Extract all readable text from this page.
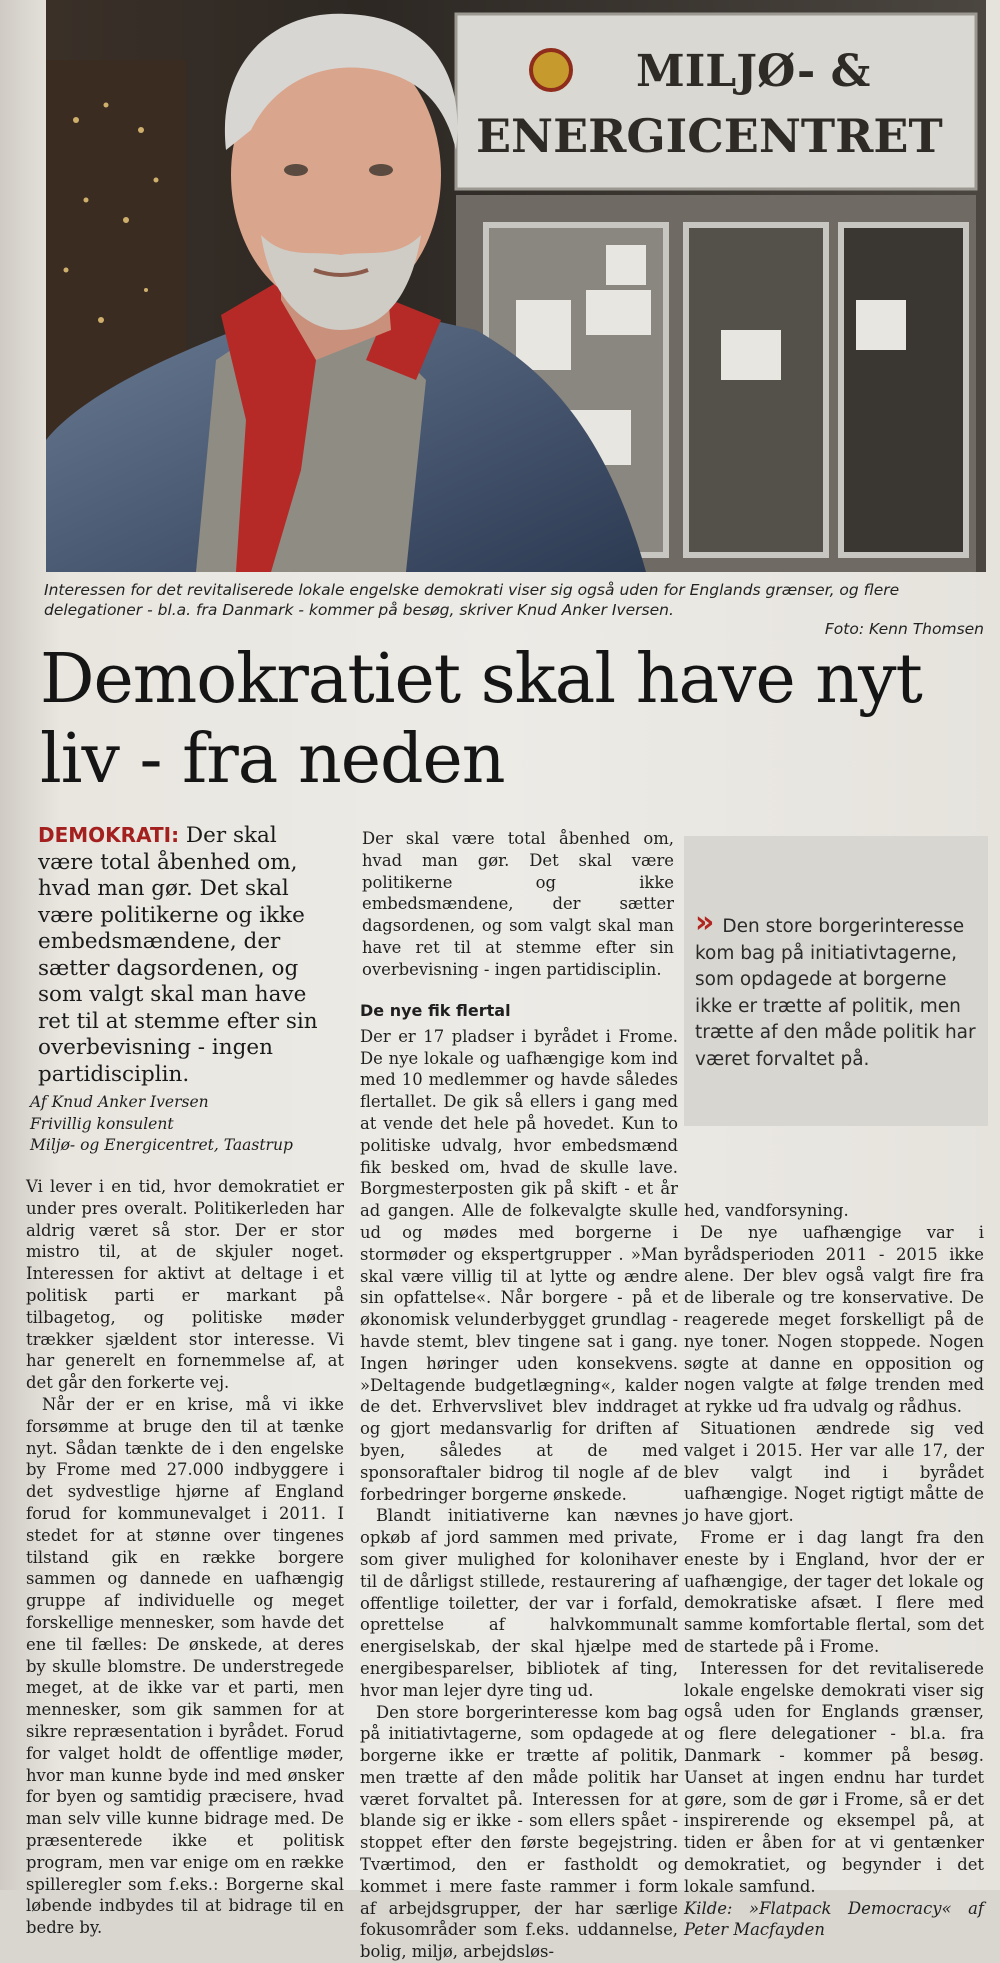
MILJØ- &
ENERGICENTRET
Interessen for det revitaliserede lokale engelske demokrati viser sig også uden for Englands grænser, og flere delegationer - bl.a. fra Danmark - kommer på besøg, skriver Knud Anker Iversen.
Foto: Kenn Thomsen
Demokratiet skal have nyt liv - fra neden
DEMOKRATI: Der skal være total åbenhed om, hvad man gør. Det skal være politikerne og ikke embedsmændene, der sætter dagsordenen, og som valgt skal man have ret til at stemme efter sin overbevisning - ingen partidisciplin.
Af Knud Anker Iversen
Frivillig konsulent
Miljø- og Energicentret, Taastrup

Vi lever i en tid, hvor demokratiet er under pres overalt. Politikerleden har aldrig været så stor. Der er stor mistro til, at de skjuler noget. Interessen for aktivt at deltage i et politisk parti er markant på tilbagetog, og politiske møder trækker sjældent stor interesse. Vi har generelt en fornemmelse af, at det går den forkerte vej.

Når der er en krise, må vi ikke forsømme at bruge den til at tænke nyt. Sådan tænkte de i den engelske by Frome med 27.000 indbyggere i det sydvestlige hjørne af England forud for kommunevalget i 2011. I stedet for at stønne over tingenes tilstand gik en række borgere sammen og dannede en uafhængig gruppe af individuelle og meget forskellige mennesker, som havde det ene til fælles: De ønskede, at deres by skulle blomstre. De understregede meget, at de ikke var et parti, men mennesker, som gik sammen for at sikre repræsentation i byrådet. Forud for valget holdt de offentlige møder, hvor man kunne byde ind med ønsker for byen og samtidig præcisere, hvad man selv ville kunne bidrage med. De præsenterede ikke et politisk program, men var enige om en række spilleregler som f.eks.: Borgerne skal løbende indbydes til at bidrage til en bedre by.

Der skal være total åbenhed om, hvad man gør. Det skal være politikerne og ikke embedsmændene, der sætter dagsordenen, og som valgt skal man have ret til at stemme efter sin overbevisning - ingen partidisciplin.

De nye fik flertal

Der er 17 pladser i byrådet i Frome. De nye lokale og uafhængige kom ind med 10 medlemmer og havde således flertallet. De gik så ellers i gang med at vende det hele på hovedet. Kun to politiske udvalg, hvor embedsmænd fik besked om, hvad de skulle lave. Borgmesterposten gik på skift - et år ad gangen. Alle de folkevalgte skulle ud og mødes med borgerne i stormøder og ekspertgrupper . »Man skal være villig til at lytte og ændre sin opfattelse«. Når borgere - på et økonomisk velunderbygget grundlag - havde stemt, blev tingene sat i gang. Ingen høringer uden konsekvens. »Deltagende budgetlægning«, kalder de det. Erhvervslivet blev inddraget og gjort medansvarlig for driften af byen, således at de med sponsoraftaler bidrog til nogle af de forbedringer borgerne ønskede.

Blandt initiativerne kan nævnes opkøb af jord sammen med private, som giver mulighed for kolonihaver til de dårligst stillede, restaurering af offentlige toiletter, der var i forfald, oprettelse af halvkommunalt energiselskab, der skal hjælpe med energibesparelser, bibliotek af ting, hvor man lejer dyre ting ud.

Den store borgerinteresse kom bag på initiativtagerne, som opdagede at borgerne ikke er trætte af politik, men trætte af den måde politik har været forvaltet på. Interessen for at blande sig er ikke - som ellers spået - stoppet efter den første begejstring. Tværtimod, den er fastholdt og kommet i mere faste rammer i form af arbejdsgrupper, der har særlige fokusområder som f.eks. uddannelse, bolig, miljø, arbejdsløs-

» Den store borgerinteresse kom bag på initiativtagerne, som opdagede at borgerne ikke er trætte af politik, men trætte af den måde politik har været forvaltet på.

hed, vandforsyning.

De nye uafhængige var i byrådsperioden 2011 - 2015 ikke alene. Der blev også valgt fire fra de liberale og tre konservative. De reagerede meget forskelligt på de nye toner. Nogen stoppede. Nogen søgte at danne en opposition og nogen valgte at følge trenden med at rykke ud fra udvalg og rådhus.

Situationen ændrede sig ved valget i 2015. Her var alle 17, der blev valgt ind i byrådet uafhængige. Noget rigtigt måtte de jo have gjort.

Frome er i dag langt fra den eneste by i England, hvor der er uafhængige, der tager det lokale og demokratiske afsæt. I flere med samme komfortable flertal, som det de startede på i Frome.

Interessen for det revitaliserede lokale engelske demokrati viser sig også uden for Englands grænser, og flere delegationer - bl.a. fra Danmark - kommer på besøg. Uanset at ingen endnu har turdet gøre, som de gør i Frome, så er det inspirerende og eksempel på, at tiden er åben for at vi gentænker demokratiet, og begynder i det lokale samfund.

Kilde: »Flatpack Democracy« af Peter Macfayden
